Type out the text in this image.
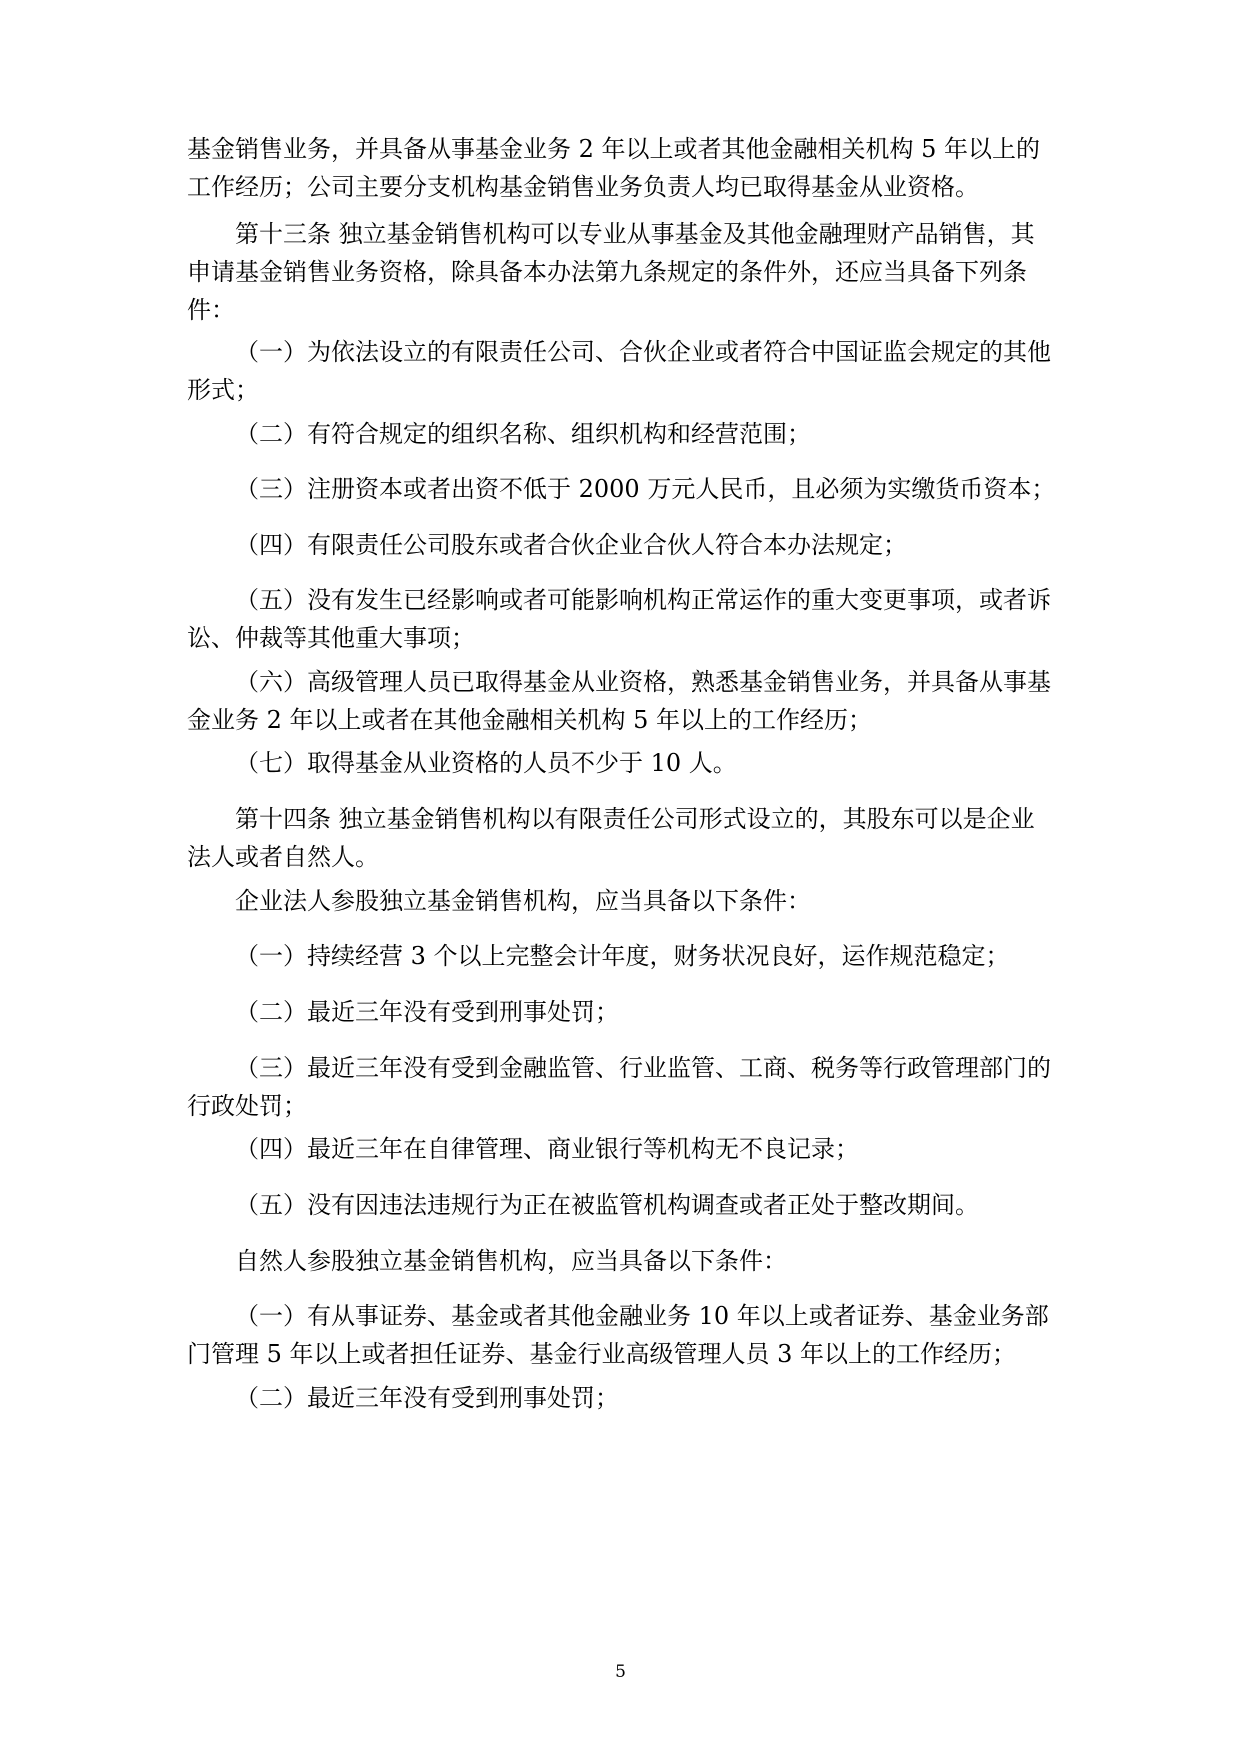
基金销售业务，并具备从事基金业务 2 年以上或者其他金融相关机构 5 年以上的工作经历；公司主要分支机构基金销售业务负责人均已取得基金从业资格。

第十三条 独立基金销售机构可以专业从事基金及其他金融理财产品销售，其申请基金销售业务资格，除具备本办法第九条规定的条件外，还应当具备下列条件：

（一）为依法设立的有限责任公司、合伙企业或者符合中国证监会规定的其他形式；

（二）有符合规定的组织名称、组织机构和经营范围；

（三）注册资本或者出资不低于 2000 万元人民币，且必须为实缴货币资本；

（四）有限责任公司股东或者合伙企业合伙人符合本办法规定；

（五）没有发生已经影响或者可能影响机构正常运作的重大变更事项，或者诉讼、仲裁等其他重大事项；

（六）高级管理人员已取得基金从业资格，熟悉基金销售业务，并具备从事基金业务 2 年以上或者在其他金融相关机构 5 年以上的工作经历；

（七）取得基金从业资格的人员不少于 10 人。

第十四条 独立基金销售机构以有限责任公司形式设立的，其股东可以是企业法人或者自然人。

企业法人参股独立基金销售机构，应当具备以下条件：

（一）持续经营 3 个以上完整会计年度，财务状况良好，运作规范稳定；

（二）最近三年没有受到刑事处罚；

（三）最近三年没有受到金融监管、行业监管、工商、税务等行政管理部门的行政处罚；

（四）最近三年在自律管理、商业银行等机构无不良记录；

（五）没有因违法违规行为正在被监管机构调查或者正处于整改期间。

自然人参股独立基金销售机构，应当具备以下条件：

（一）有从事证券、基金或者其他金融业务 10 年以上或者证券、基金业务部门管理 5 年以上或者担任证券、基金行业高级管理人员 3 年以上的工作经历；

（二）最近三年没有受到刑事处罚；

5
